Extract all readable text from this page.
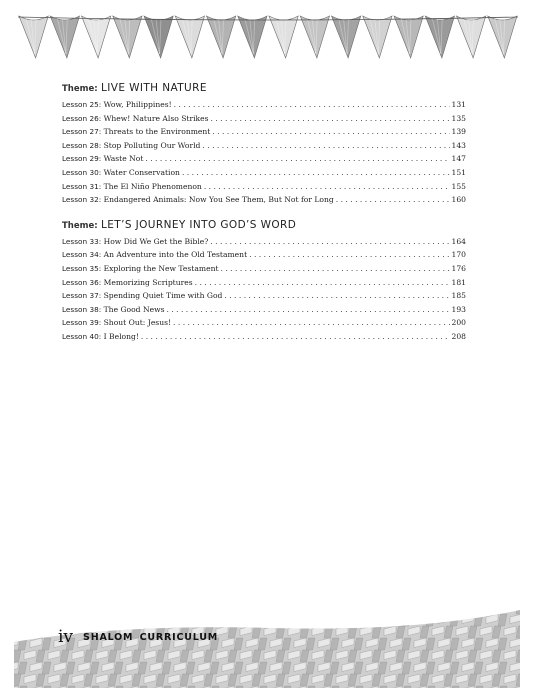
Theme: LIVE WITH NATURE
Lesson 25: Wow, Philippines! . . .	131
Lesson 26: Whew! Nature Also Strikes . . .	135
Lesson 27: Threats to the Environment . . .	139
Lesson 28: Stop Polluting Our World . . .	143
Lesson 29: Waste Not . . .	147
Lesson 30: Water Conservation . . .	151
Lesson 31: The El Niño Phenomenon . . .	155
Lesson 32: Endangered Animals: Now You See Them, But Not for Long . . .	160
Theme: LET’S JOURNEY INTO GOD’S WORD
Lesson 33: How Did We Get the Bible? . . .	164
Lesson 34: An Adventure into the Old Testament . . .	170
Lesson 35: Exploring the New Testament . . .	176
Lesson 36: Memorizing Scriptures . . .	181
Lesson 37: Spending Quiet Time with God . . .	185
Lesson 38: The Good News . . .	193
Lesson 39: Shout Out: Jesus! . . .	200
Lesson 40: I Belong! . . .	208
iv SHALOM CURRICULUM
